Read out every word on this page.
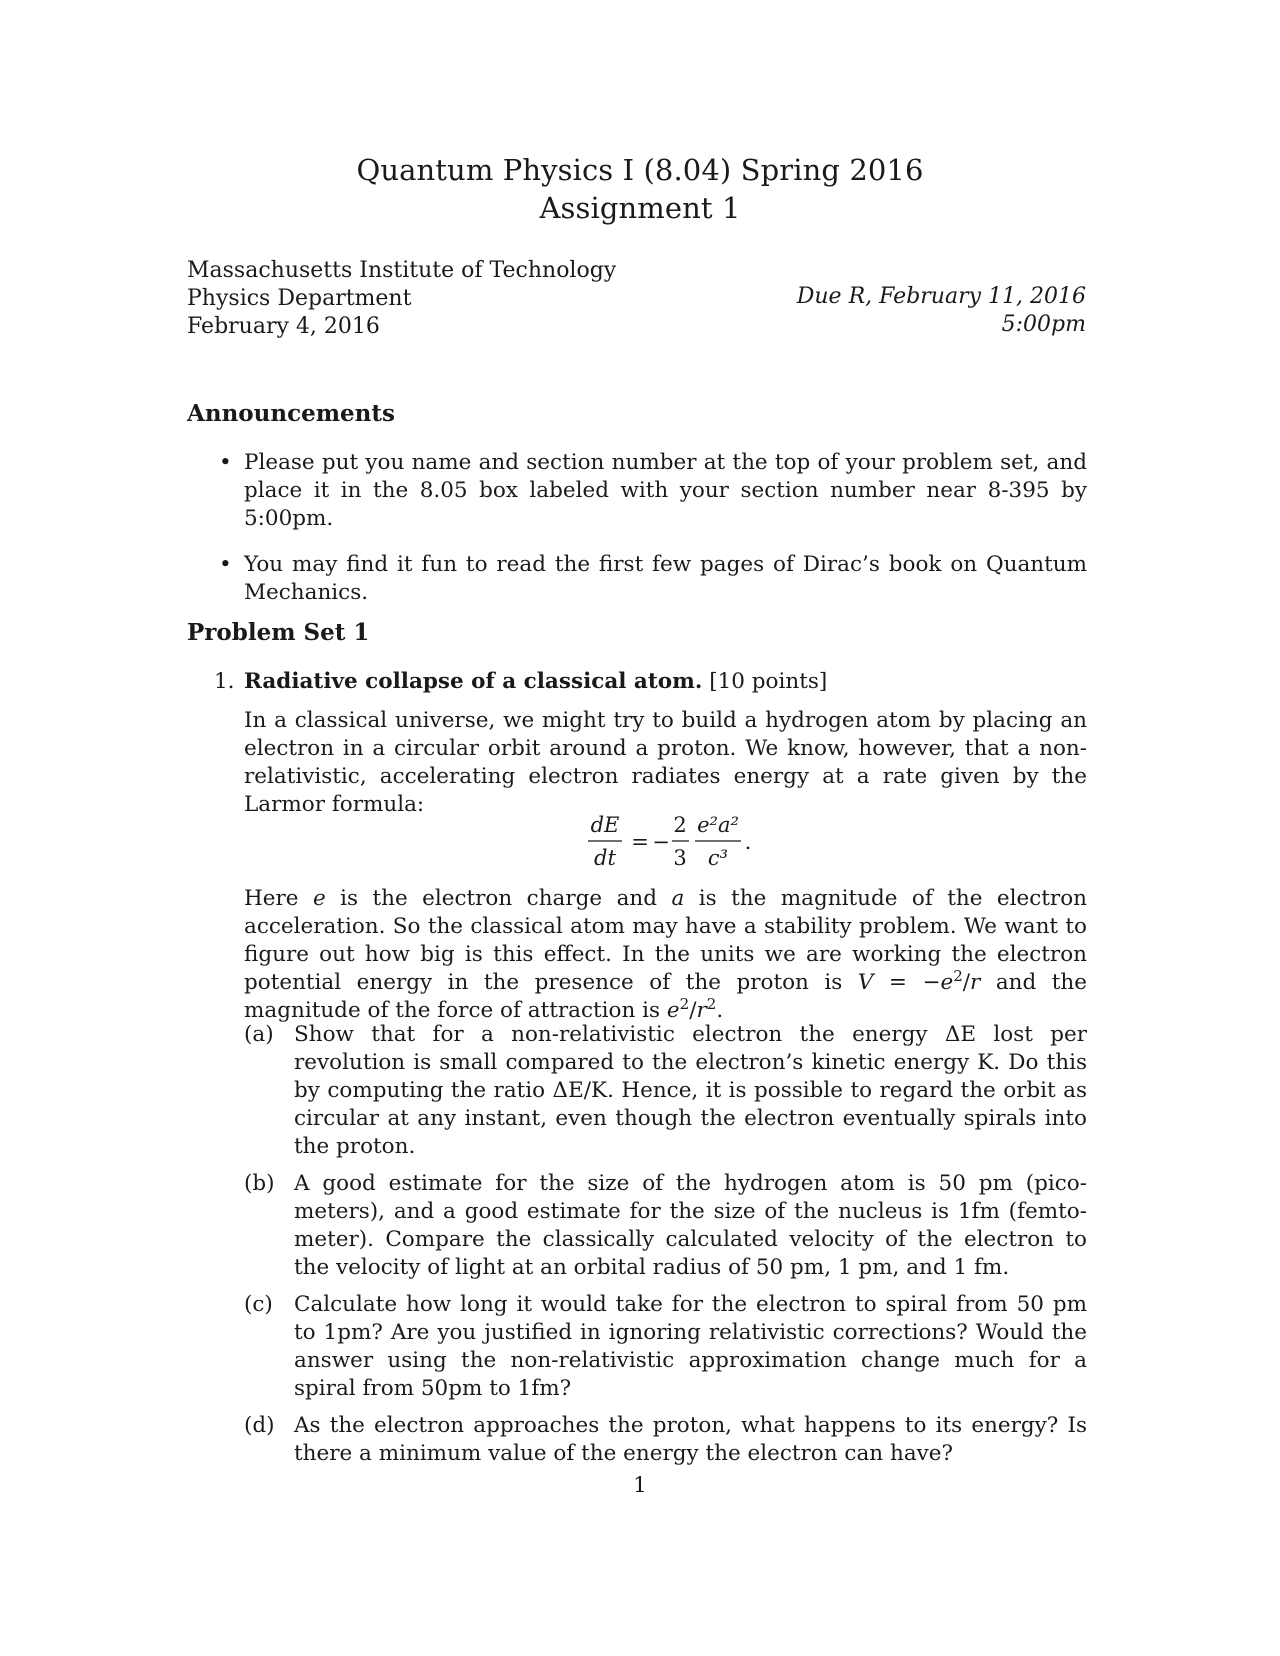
Quantum Physics I (8.04) Spring 2016
Assignment 1
Massachusetts Institute of Technology
Physics Department
February 4, 2016
Due R, February 11, 2016
5:00pm
Announcements

• Please put you name and section number at the top of your problem set, and place it in the 8.05 box labeled with your section number near 8-395 by 5:00pm.

• You may find it fun to read the first few pages of Dirac’s book on Quantum Mechanics.

Problem Set 1
1. Radiative collapse of a classical atom. [10 points]
In a classical universe, we might try to build a hydrogen atom by placing an electron in a circular orbit around a proton. We know, however, that a non-relativistic, accelerating electron radiates energy at a rate given by the Larmor formula:
dE
dt
= −
2
3
e²a²
c³
.
Here e is the electron charge and a is the magnitude of the electron acceleration. So the classical atom may have a stability problem. We want to figure out how big is this effect. In the units we are working the electron potential energy in the presence of the proton is $V = -e^2/r$ and the magnitude of the force of attraction is $e^2/r^2$.
(a) Show that for a non-relativistic electron the energy ΔE lost per revolution is small compared to the electron’s kinetic energy K. Do this by computing the ratio ΔE/K. Hence, it is possible to regard the orbit as circular at any instant, even though the electron eventually spirals into the proton.
(b) A good estimate for the size of the hydrogen atom is 50 pm (pico-meters), and a good estimate for the size of the nucleus is 1fm (femto-meter). Compare the classically calculated velocity of the electron to the velocity of light at an orbital radius of 50 pm, 1 pm, and 1 fm.
(c) Calculate how long it would take for the electron to spiral from 50 pm to 1pm? Are you justified in ignoring relativistic corrections? Would the answer using the non-relativistic approximation change much for a spiral from 50pm to 1fm?
(d) As the electron approaches the proton, what happens to its energy? Is there a minimum value of the energy the electron can have?
1
